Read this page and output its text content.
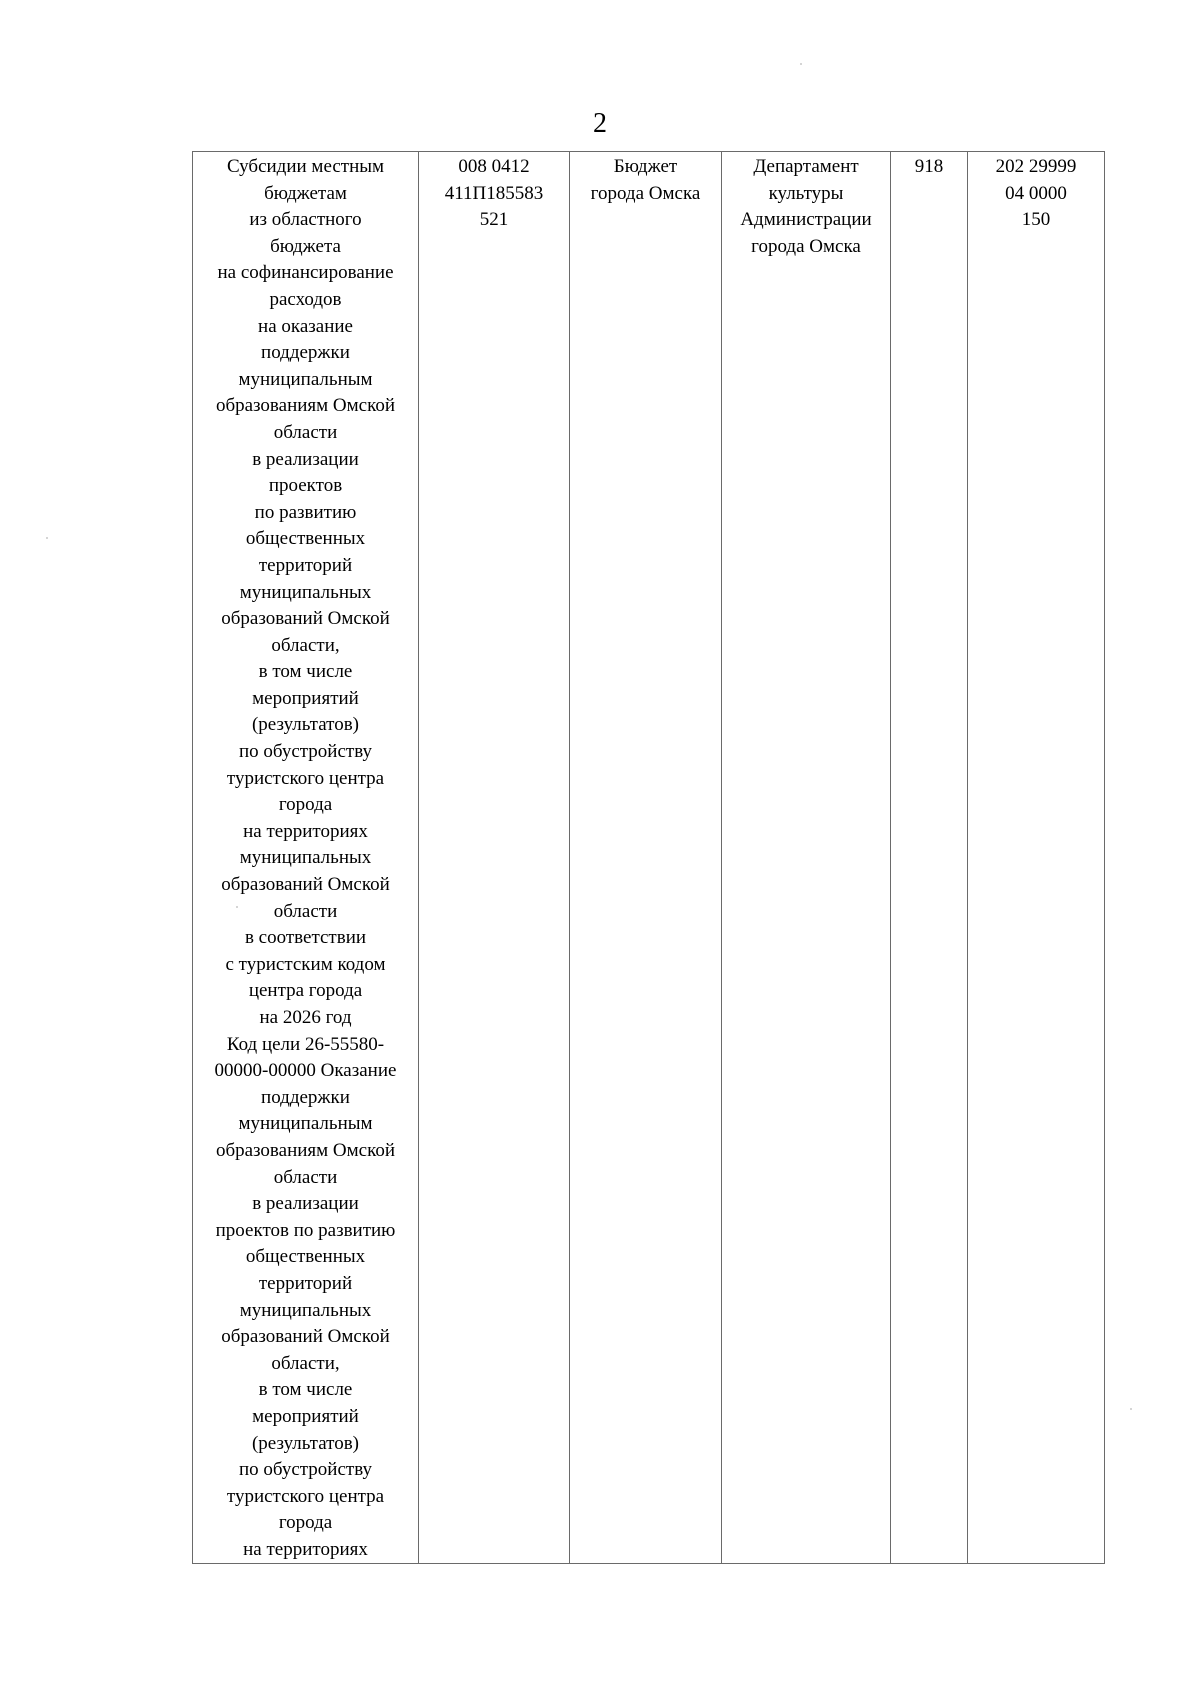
2
Субсидии местным
бюджетам
из областного
бюджета
на софинансирование
расходов
на оказание
поддержки
муниципальным
образованиям Омской
области
в реализации
проектов
по развитию
общественных
территорий
муниципальных
образований Омской
области,
в том числе
мероприятий
(результатов)
по обустройству
туристского центра
города
на территориях
муниципальных
образований Омской
области
в соответствии
с туристским кодом
центра города
на 2026 год
Код цели 26-55580-
00000-00000 Оказание
поддержки
муниципальным
образованиям Омской
области
в реализации
проектов по развитию
общественных
территорий
муниципальных
образований Омской
области,
в том числе
мероприятий
(результатов)
по обустройству
туристского центра
города
на территориях

008 0412
411П185583
521

Бюджет
города Омска

Департамент
культуры
Администрации
города Омска

918	202 29999
04 0000
150
